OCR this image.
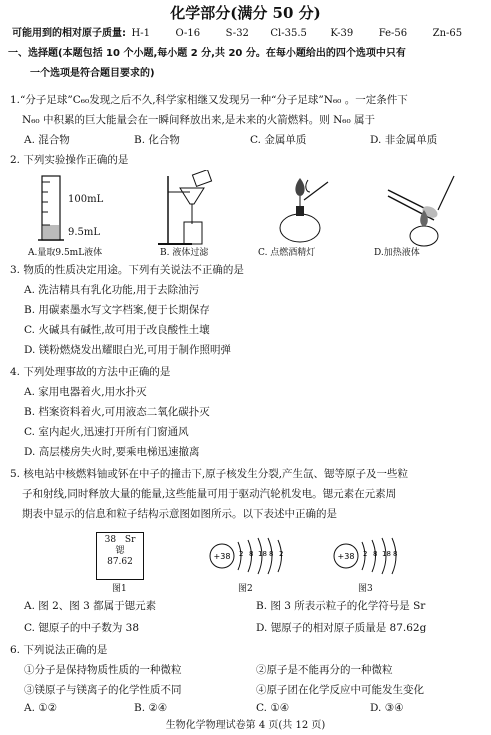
化学部分(满分 50 分)
可能用到的相对原子质量: H-1	O-16	S-32 Cl-35.5 K-39	Fe-56	Zn-65
一、选择题(本题包括 10 个小题,每小题 2 分,共 20 分。在每小题给出的四个选项中只有
一个选项是符合题目要求的)
1.“分子足球”C₆₀发现之后不久,科学家相继又发现另一种“分子足球”N₆₀ 。一定条件下
N₆₀ 中积累的巨大能量会在一瞬间释放出来,是未来的火箭燃料。则 N₆₀ 属于
A. 混合物	B. 化合物	C. 金属单质	D. 非金属单质
2. 下列实验操作正确的是
100mL
9.5mL
A.量取9.5mL液体	B. 液体过滤	C. 点燃酒精灯	D.加热液体
3. 物质的性质决定用途。下列有关说法不正确的是
A. 洗洁精具有乳化功能,用于去除油污
B. 用碳素墨水写文字档案,便于长期保存
C. 火碱具有碱性,故可用于改良酸性土壤
D. 镁粉燃烧发出耀眼白光,可用于制作照明弹
4. 下列处理事故的方法中正确的是
A. 家用电器着火,用水扑灭
B. 档案资料着火,可用液态二氧化碳扑灭
C. 室内起火,迅速打开所有门窗通风
D. 高层楼房失火时,要乘电梯迅速撤离
5. 核电站中核燃料铀或钚在中子的撞击下,原子核发生分裂,产生氙、锶等原子及一些粒
子和射线,同时释放大量的能量,这些能量可用于驱动汽轮机发电。锶元素在元素周
期表中显示的信息和粒子结构示意图如图所示。以下表述中正确的是
38 Sr
锶
87.62
+38 2 8 18 8 2	+38 2 8 18 8
图1	图2	图3
A. 图 2、图 3 都属于锶元素	B. 图 3 所表示粒子的化学符号是 Sr
C. 锶原子的中子数为 38	D. 锶原子的相对原子质量是 87.62g
6. 下列说法正确的是
①分子是保持物质性质的一种微粒	②原子是不能再分的一种微粒
③镁原子与镁离子的化学性质不同	④原子团在化学反应中可能发生变化
A. ①②	B. ②④	C. ①④	D. ③④
生物化学物理试卷第 4 页(共 12 页)
